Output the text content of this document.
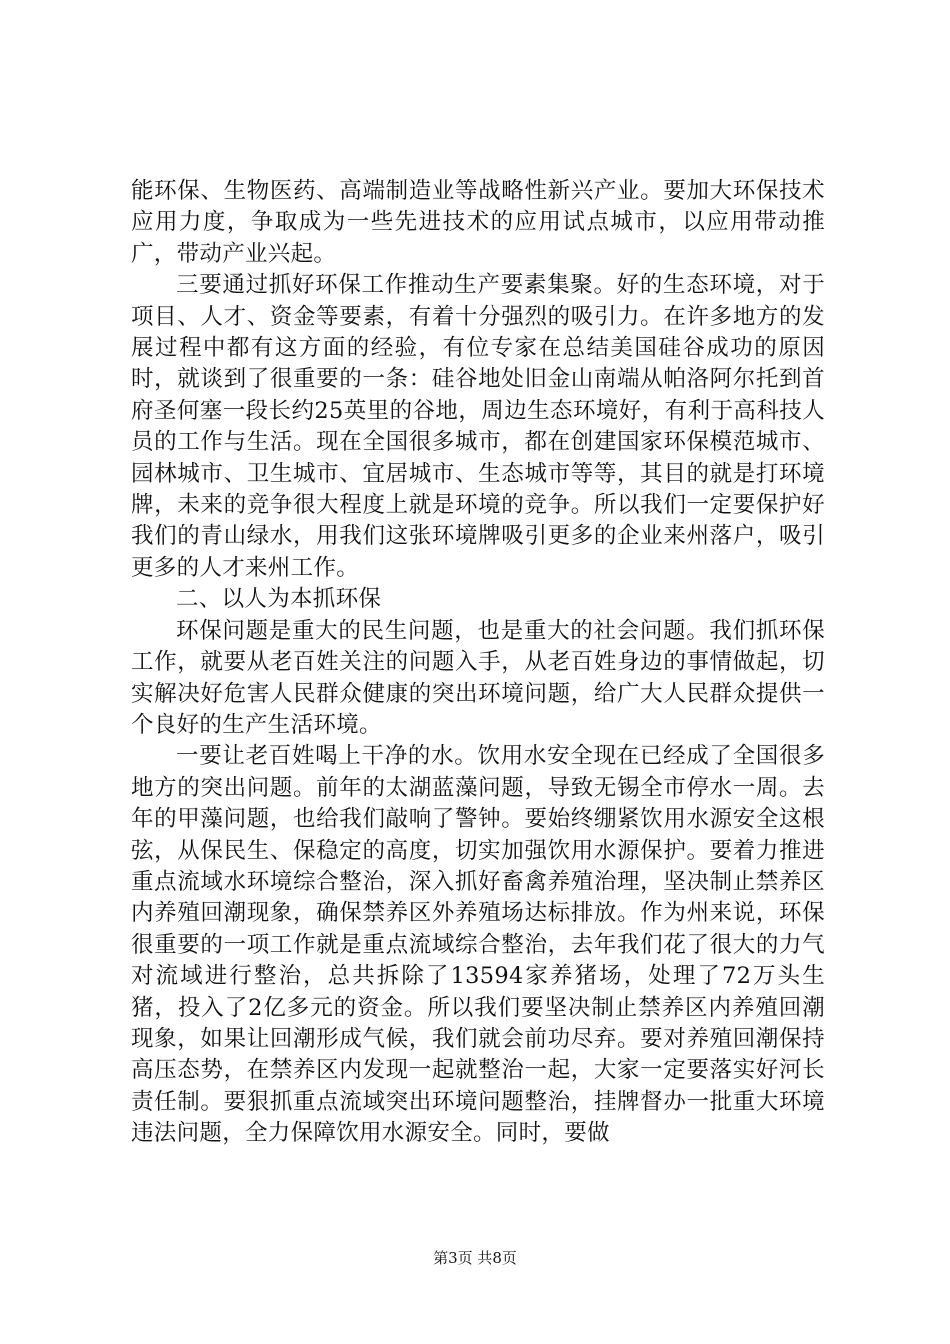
能环保、生物医药、高端制造业等战略性新兴产业。要加大环保技术应用力度，争取成为一些先进技术的应用试点城市，以应用带动推广，带动产业兴起。

三要通过抓好环保工作推动生产要素集聚。好的生态环境，对于项目、人才、资金等要素，有着十分强烈的吸引力。在许多地方的发展过程中都有这方面的经验，有位专家在总结美国硅谷成功的原因时，就谈到了很重要的一条：硅谷地处旧金山南端从帕洛阿尔托到首府圣何塞一段长约25英里的谷地，周边生态环境好，有利于高科技人员的工作与生活。现在全国很多城市，都在创建国家环保模范城市、园林城市、卫生城市、宜居城市、生态城市等等，其目的就是打环境牌，未来的竞争很大程度上就是环境的竞争。所以我们一定要保护好我们的青山绿水，用我们这张环境牌吸引更多的企业来州落户，吸引更多的人才来州工作。

二、以人为本抓环保

环保问题是重大的民生问题，也是重大的社会问题。我们抓环保工作，就要从老百姓关注的问题入手，从老百姓身边的事情做起，切实解决好危害人民群众健康的突出环境问题，给广大人民群众提供一个良好的生产生活环境。

一要让老百姓喝上干净的水。饮用水安全现在已经成了全国很多地方的突出问题。前年的太湖蓝藻问题，导致无锡全市停水一周。去年的甲藻问题，也给我们敲响了警钟。要始终绷紧饮用水源安全这根弦，从保民生、保稳定的高度，切实加强饮用水源保护。要着力推进重点流域水环境综合整治，深入抓好畜禽养殖治理，坚决制止禁养区内养殖回潮现象，确保禁养区外养殖场达标排放。作为州来说，环保很重要的一项工作就是重点流域综合整治，去年我们花了很大的力气对流域进行整治，总共拆除了13594家养猪场，处理了72万头生猪，投入了2亿多元的资金。所以我们要坚决制止禁养区内养殖回潮现象，如果让回潮形成气候，我们就会前功尽弃。要对养殖回潮保持高压态势，在禁养区内发现一起就整治一起，大家一定要落实好河长责任制。要狠抓重点流域突出环境问题整治，挂牌督办一批重大环境违法问题，全力保障饮用水源安全。同时，要做

第3页 共8页
